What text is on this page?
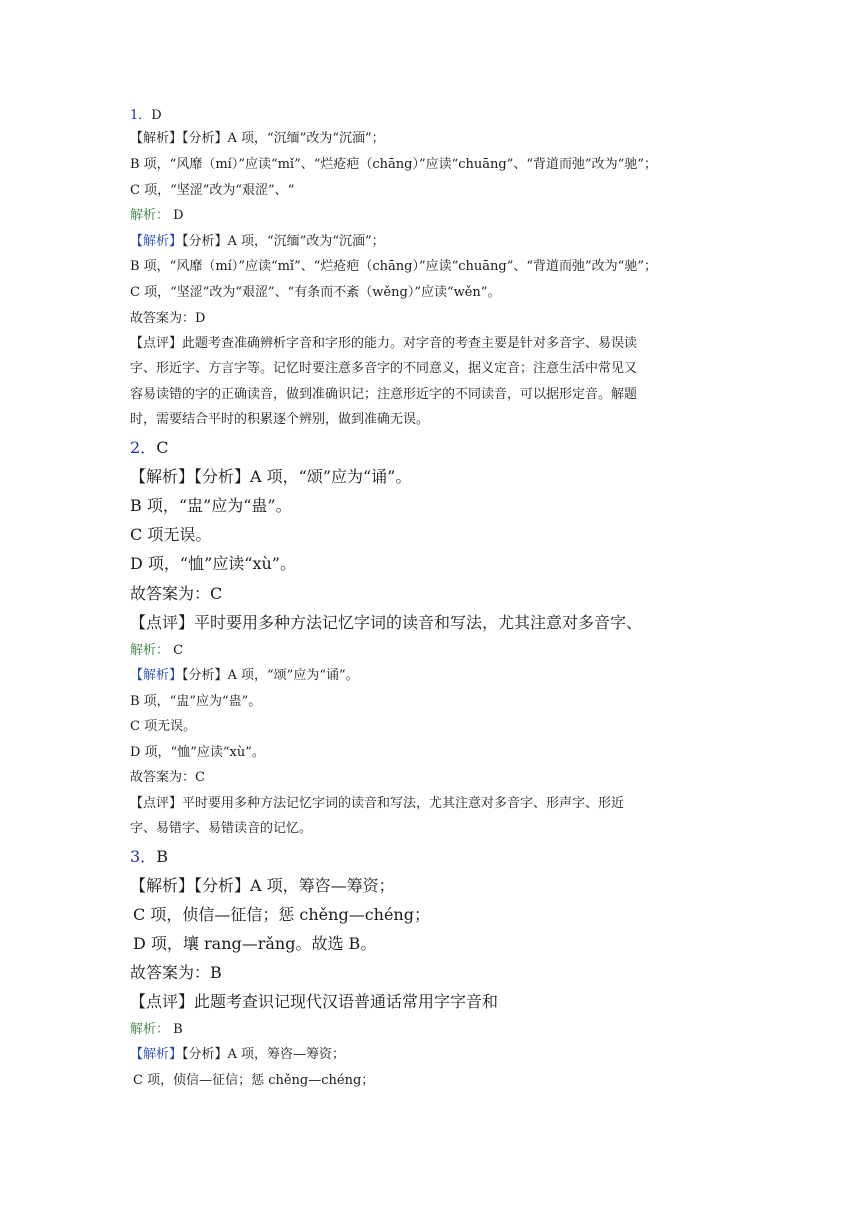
1．D

【解析】【分析】A 项，“沉缅”改为“沉湎”；

B 项，“风靡（mí）”应读“mǐ”、“烂疮疤（chāng）”应读“chuāng”、“背道而弛”改为“驰”；

C 项，“坚涩”改为“艰涩”、“

解析： D

【解析】【分析】A 项，“沉缅”改为“沉湎”；

B 项，“风靡（mí）”应读“mǐ”、“烂疮疤（chāng）”应读“chuāng”、“背道而弛”改为“驰”；

C 项，“坚涩”改为“艰涩”、“有条而不紊（wěng）”应读“wěn”。

故答案为：D

【点评】此题考查准确辨析字音和字形的能力。对字音的考查主要是针对多音字、易误读

字、形近字、方言字等。记忆时要注意多音字的不同意义，据义定音；注意生活中常见又

容易读错的字的正确读音，做到准确识记；注意形近字的不同读音，可以据形定音。解题

时，需要结合平时的积累逐个辨别，做到准确无误。

2．C

【解析】【分析】A 项，“颂”应为“诵”。

B 项，“盅”应为“蛊”。

C 项无误。

D 项，“恤”应读“xù”。

故答案为：C

【点评】平时要用多种方法记忆字词的读音和写法，尤其注意对多音字、

解析： C

【解析】【分析】A 项，“颂”应为“诵”。

B 项，“盅”应为“蛊”。

C 项无误。

D 项，“恤”应读“xù”。

故答案为：C

【点评】平时要用多种方法记忆字词的读音和写法，尤其注意对多音字、形声字、形近

字、易错字、易错读音的记忆。

3．B

【解析】【分析】A 项，筹咨—筹资；

C 项，侦信—征信；惩 chěng—chéng；

D 项，壤 rang—rǎng。故选 B。

故答案为：B

【点评】此题考查识记现代汉语普通话常用字字音和

解析： B

【解析】【分析】A 项，筹咨—筹资；

C 项，侦信—征信；惩 chěng—chéng；
